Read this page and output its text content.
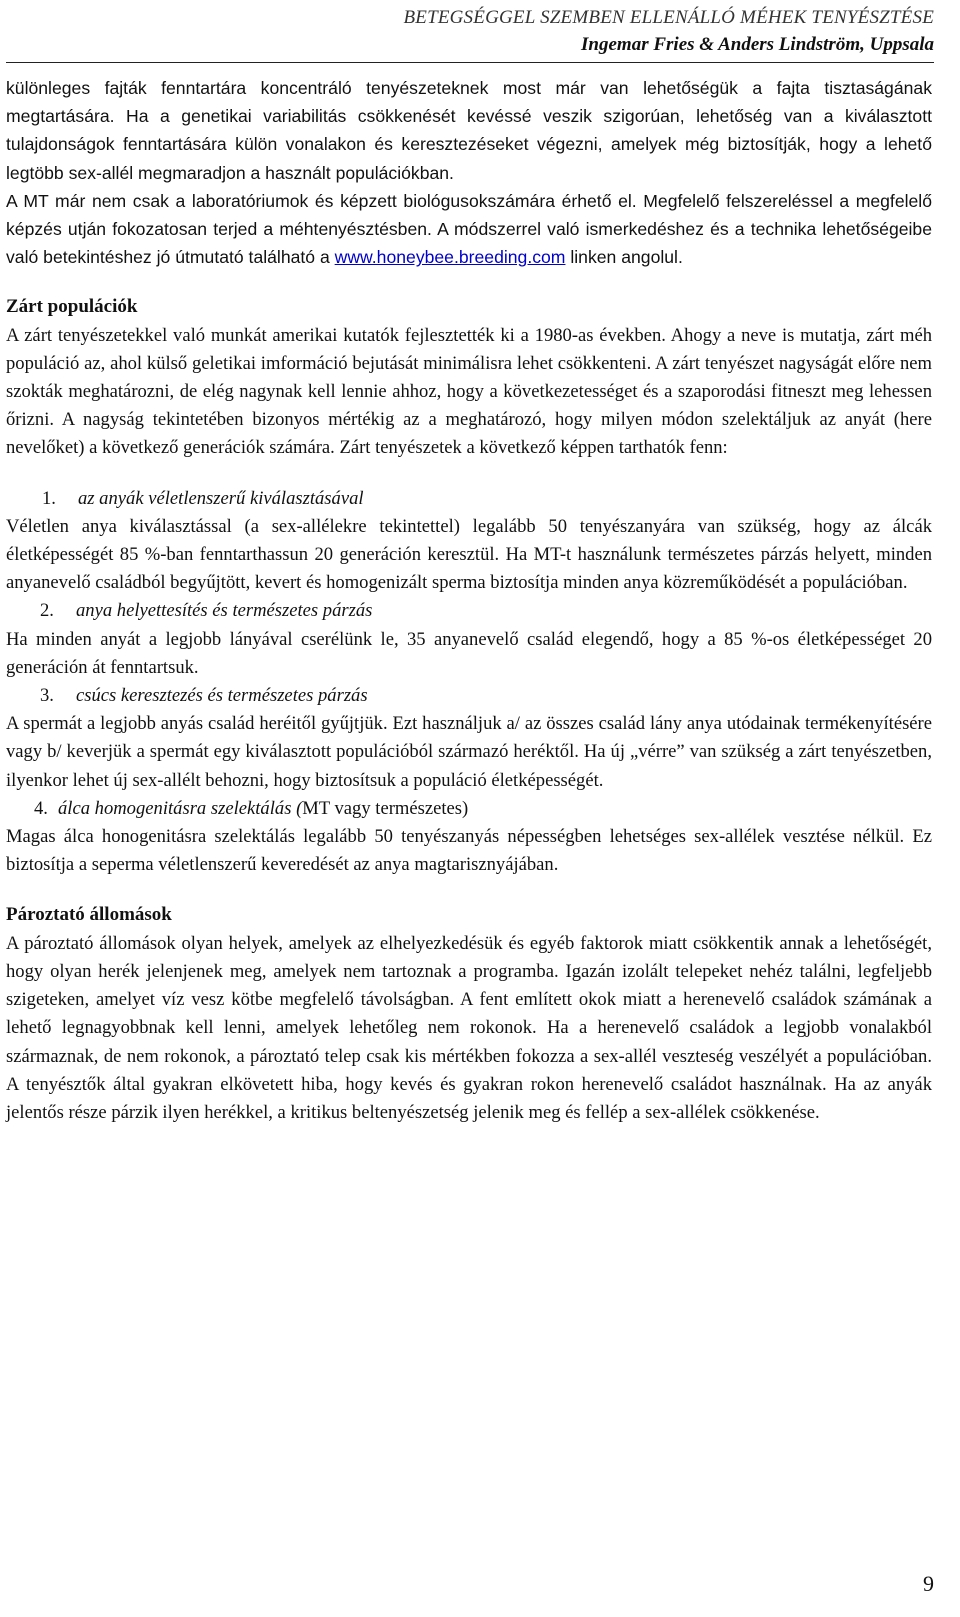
BETEGSÉGGEL SZEMBEN ELLENÁLLÓ MÉHEK TENYÉSZTÉSE
Ingemar Fries & Anders Lindström, Uppsala

különleges fajták fenntartára koncentráló tenyészeteknek most már van lehetőségük a fajta tisztaságának megtartására. Ha a genetikai variabilitás csökkenését kevéssé veszik szigorúan, lehetőség van a kiválasztott tulajdonságok fenntartására külön vonalakon és keresztezéseket végezni, amelyek még biztosítják, hogy a lehető legtöbb sex-allél megmaradjon a használt populációkban.

A MT már nem csak a laboratóriumok és képzett biológusokszámára érhető el. Megfelelő felszereléssel a megfelelő képzés utján fokozatosan terjed a méhtenyésztésben. A módszerrel való ismerkedéshez és a technika lehetőségeibe való betekintéshez jó útmutató található a www.honeybee.breeding.com linken angolul.

Zárt populációk

A zárt tenyészetekkel való munkát amerikai kutatók fejlesztették ki a 1980-as években. Ahogy a neve is mutatja, zárt méh populáció az, ahol külső geletikai imformáció bejutását minimálisra lehet csökkenteni. A zárt tenyészet nagyságát előre nem szokták meghatározni, de elég nagynak kell lennie ahhoz, hogy a következetességet és a szaporodási fitneszt meg lehessen őrizni. A nagyság tekintetében bizonyos mértékig az a meghatározó, hogy milyen módon szelektáljuk az anyát (here nevelőket) a következő generációk számára. Zárt tenyészetek a következő képpen tarthatók fenn:

1. az anyák véletlenszerű kiválasztásával

Véletlen anya kiválasztással (a sex-allélekre tekintettel) legalább 50 tenyészanyára van szükség, hogy az álcák életképességét 85 %-ban fenntarthassun 20 generáción keresztül. Ha MT-t használunk természetes párzás helyett, minden anyanevelő családból begyűjtött, kevert és homogenizált sperma biztosítja minden anya közreműködését a populációban.

2. anya helyettesítés és természetes párzás

Ha minden anyát a legjobb lányával cserélünk le, 35 anyanevelő család elegendő, hogy a 85 %-os életképességet 20 generáción át fenntartsuk.

3. csúcs keresztezés és természetes párzás

A spermát a legjobb anyás család heréitől gyűjtjük. Ezt használjuk a/ az összes család lány anya utódainak termékenyítésére vagy b/ keverjük a spermát egy kiválasztott populációból származó heréktől. Ha új „vérre” van szükség a zárt tenyészetben, ilyenkor lehet új sex-allélt behozni, hogy biztosítsuk a populáció életképességét.

4. álca homogenitásra szelektálás (MT vagy természetes)

Magas álca honogenitásra szelektálás legalább 50 tenyészanyás népességben lehetséges sex-allélek vesztése nélkül. Ez biztosítja a seperma véletlenszerű keveredését az anya magtarisznyájában.

Pároztató állomások

A pároztató állomások olyan helyek, amelyek az elhelyezkedésük és egyéb faktorok miatt csökkentik annak a lehetőségét, hogy olyan herék jelenjenek meg, amelyek nem tartoznak a programba. Igazán izolált telepeket nehéz találni, legfeljebb szigeteken, amelyet víz vesz kötbe megfelelő távolságban. A fent említett okok miatt a herenevelő családok számának a lehető legnagyobbnak kell lenni, amelyek lehetőleg nem rokonok. Ha a herenevelő családok a legjobb vonalakból származnak, de nem rokonok, a pároztató telep csak kis mértékben fokozza a sex-allél veszteség veszélyét a populációban. A tenyésztők által gyakran elkövetett hiba, hogy kevés és gyakran rokon herenevelő családot használnak. Ha az anyák jelentős része párzik ilyen herékkel, a kritikus beltenyészetség jelenik meg és fellép a sex-allélek csökkenése.

9
